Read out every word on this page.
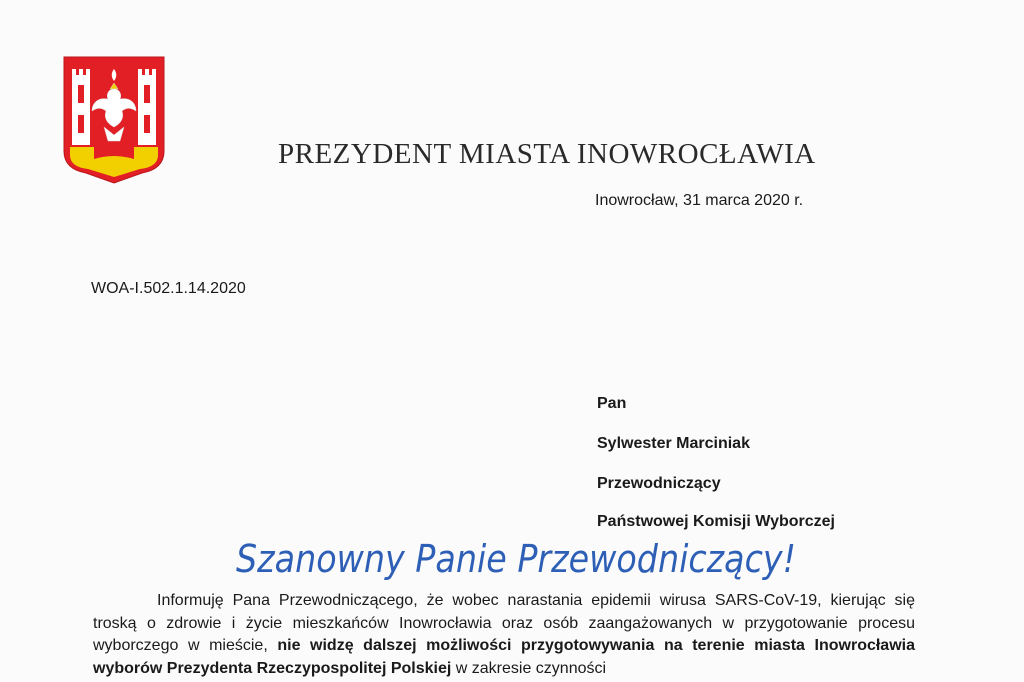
PREZYDENT MIASTA INOWROCŁAWIA
Inowrocław, 31 marca 2020 r.
WOA-I.502.1.14.2020
Pan
Sylwester Marciniak
Przewodniczący
Państwowej Komisji Wyborczej
Szanowny Panie Przewodniczący!

Informuję Pana Przewodniczącego, że wobec narastania epidemii wirusa SARS-CoV-19, kierując się troską o zdrowie i życie mieszkańców Inowrocławia oraz osób zaangażowanych w przygotowanie procesu wyborczego w mieście, nie widzę dalszej możliwości przygotowywania na terenie miasta Inowrocławia wyborów Prezydenta Rzeczypospolitej Polskiej w zakresie czynności
